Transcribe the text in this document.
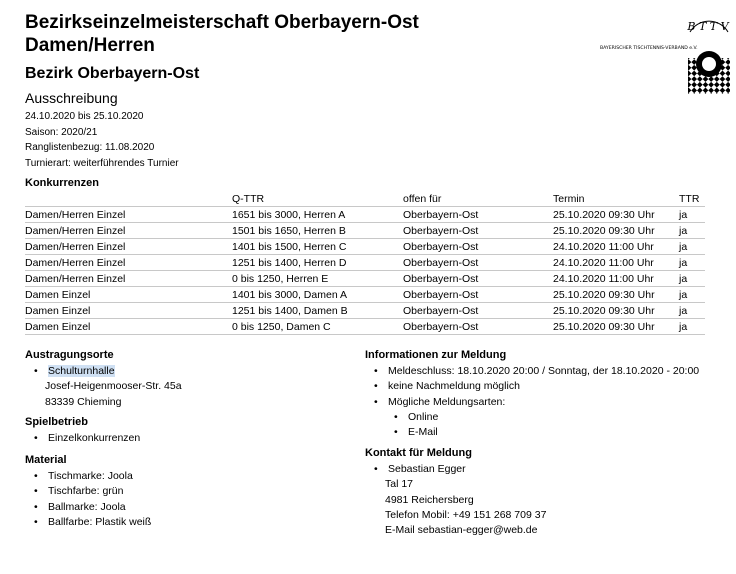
Bezirkseinzelmeisterschaft Oberbayern-Ost
Damen/Herren
Bezirk Oberbayern-Ost
Ausschreibung
24.10.2020 bis 25.10.2020
Saison: 2020/21
Ranglistenbezug: 11.08.2020
Turnierart: weiterführendes Turnier
B T T V
BAYERISCHER TISCHTENNIS-VERBAND e.V.
Konkurrenzen
	Q-TTR	offen für	Termin	TTR
Damen/Herren Einzel	1651 bis 3000, Herren A	Oberbayern-Ost	25.10.2020 09:30 Uhr	ja
Damen/Herren Einzel	1501 bis 1650, Herren B	Oberbayern-Ost	25.10.2020 09:30 Uhr	ja
Damen/Herren Einzel	1401 bis 1500, Herren C	Oberbayern-Ost	24.10.2020 11:00 Uhr	ja
Damen/Herren Einzel	1251 bis 1400, Herren D	Oberbayern-Ost	24.10.2020 11:00 Uhr	ja
Damen/Herren Einzel	0 bis 1250, Herren E	Oberbayern-Ost	24.10.2020 11:00 Uhr	ja
Damen Einzel	1401 bis 3000, Damen A	Oberbayern-Ost	25.10.2020 09:30 Uhr	ja
Damen Einzel	1251 bis 1400, Damen B	Oberbayern-Ost	25.10.2020 09:30 Uhr	ja
Damen Einzel	0 bis 1250, Damen C	Oberbayern-Ost	25.10.2020 09:30 Uhr	ja
Austragungsorte
• Schulturnhalle
Josef-Heigenmooser-Str. 45a
83339 Chieming
Spielbetrieb
• Einzelkonkurrenzen
Material
• Tischmarke: Joola
• Tischfarbe: grün
• Ballmarke: Joola
• Ballfarbe: Plastik weiß
Informationen zur Meldung
• Meldeschluss: 18.10.2020 20:00 / Sonntag, der 18.10.2020 - 20:00
• keine Nachmeldung möglich
• Mögliche Meldungsarten:
• Online
• E-Mail
Kontakt für Meldung
• Sebastian Egger
Tal 17
4981 Reichersberg
Telefon Mobil: +49 151 268 709 37
E-Mail sebastian-egger@web.de
